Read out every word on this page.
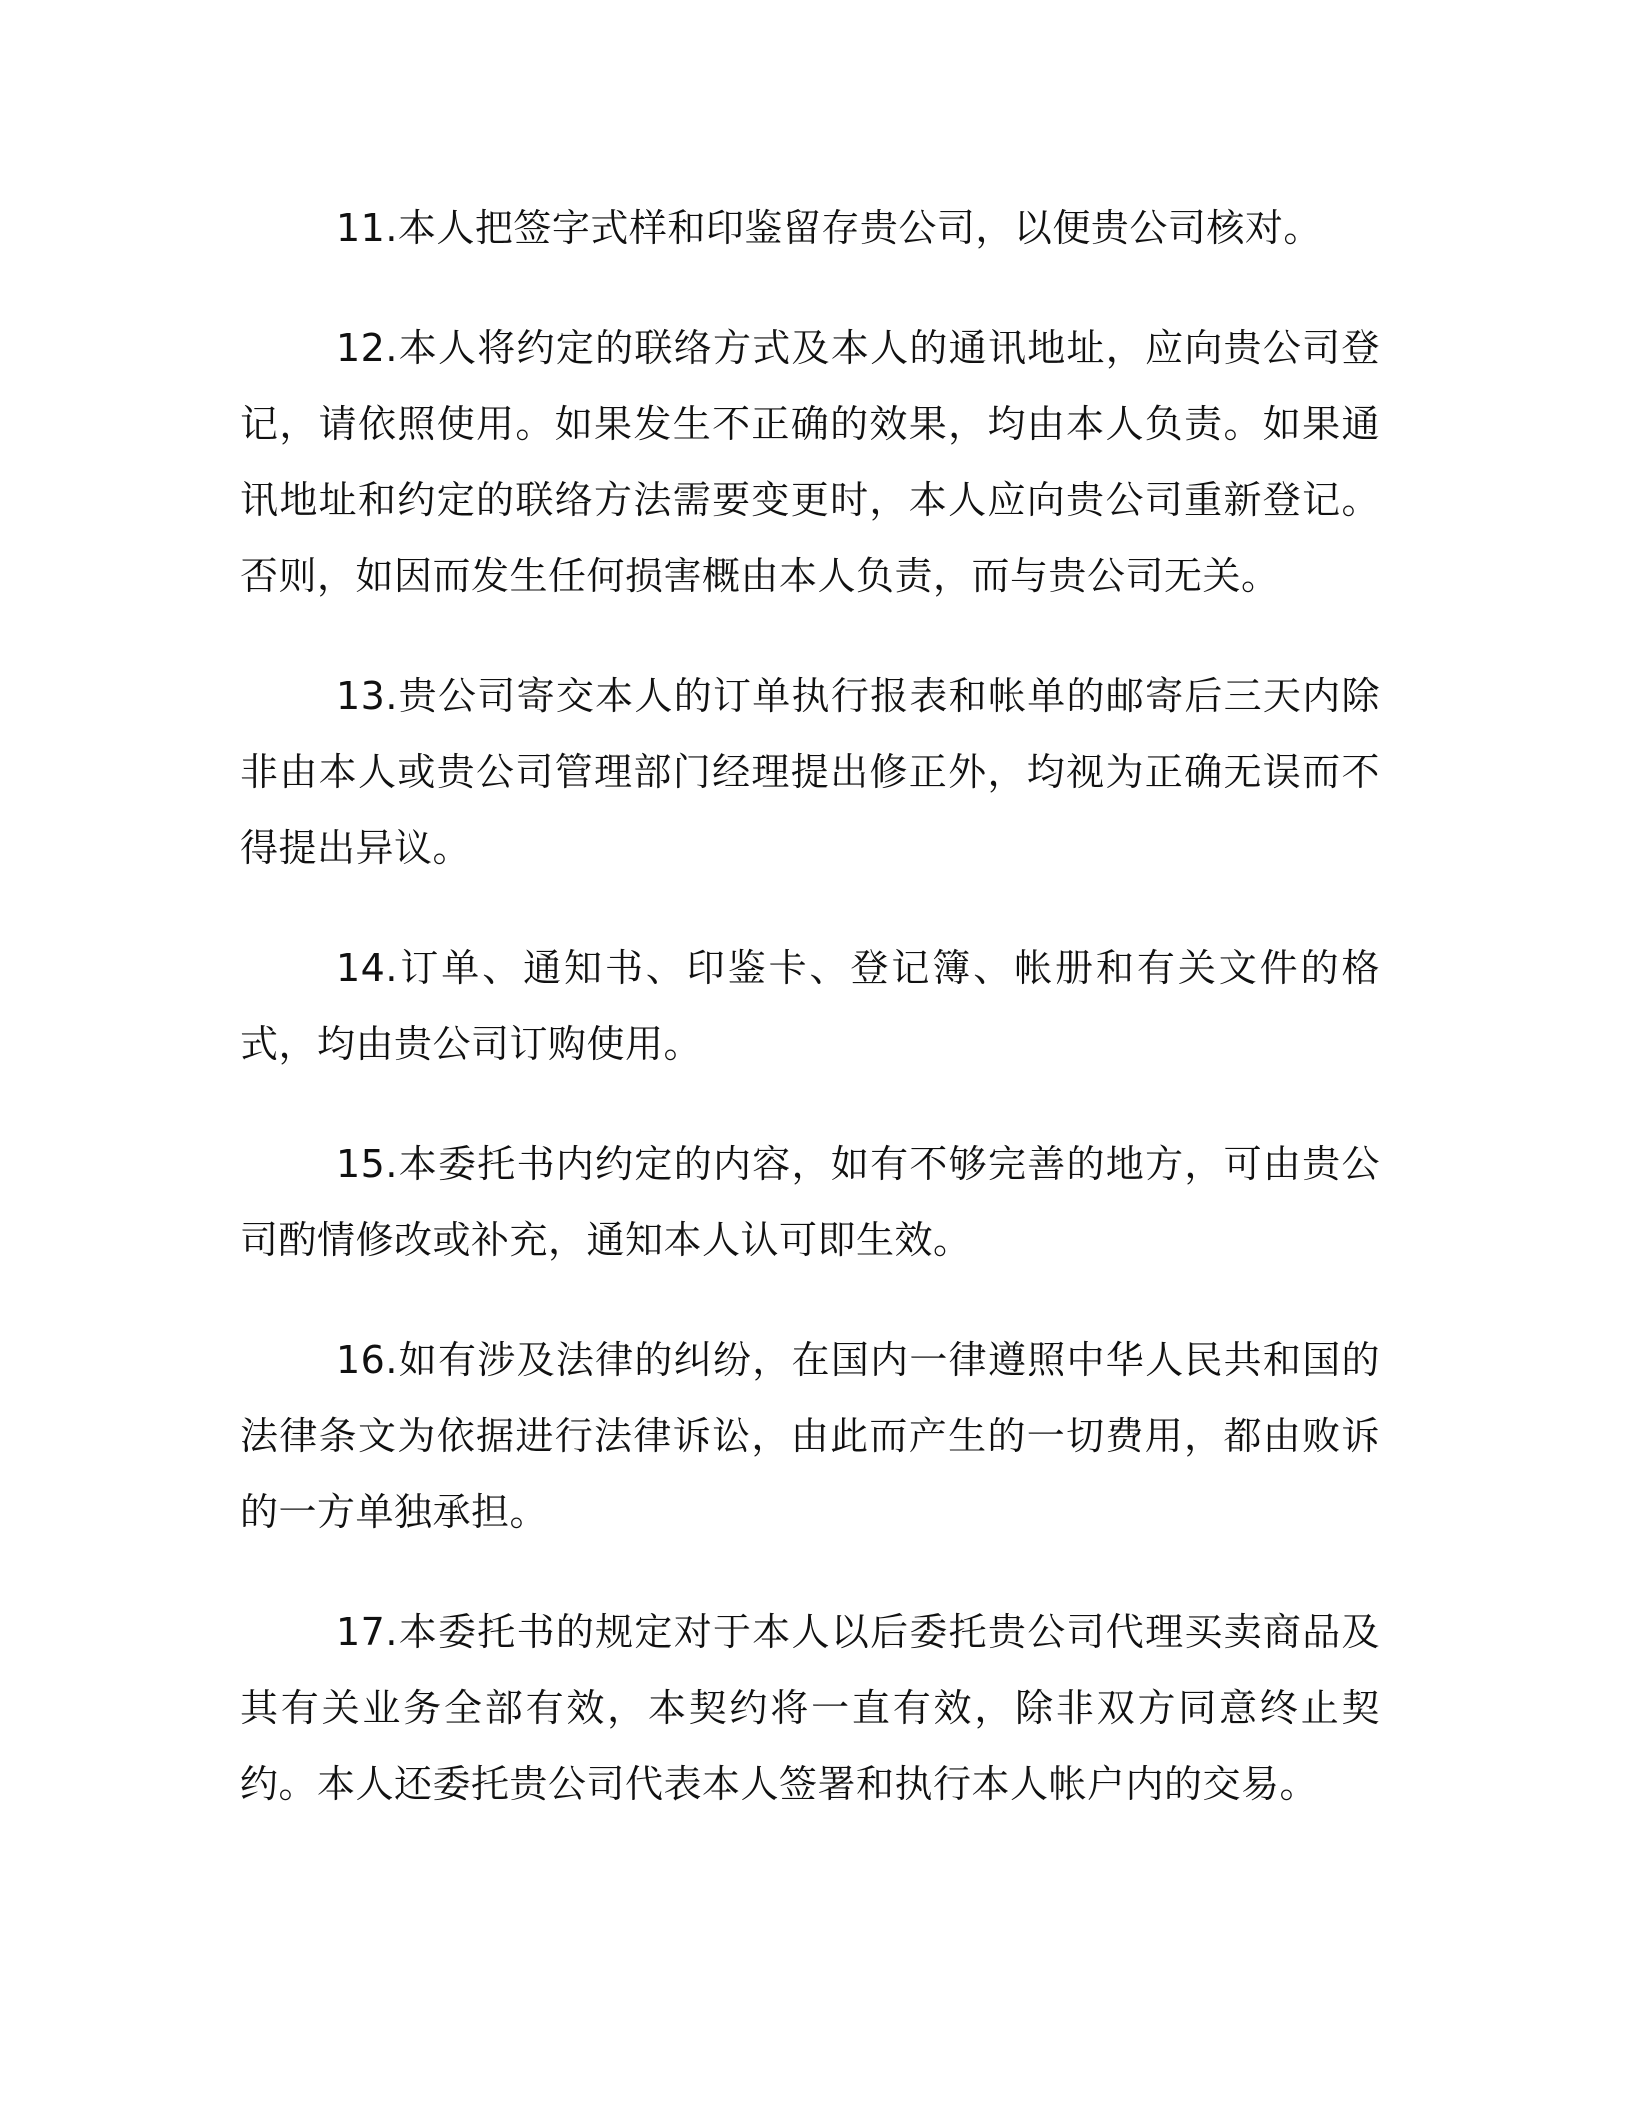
11.本人把签字式样和印鉴留存贵公司，以便贵公司核对。

12.本人将约定的联络方式及本人的通讯地址，应向贵公司登记，请依照使用。如果发生不正确的效果，均由本人负责。如果通讯地址和约定的联络方法需要变更时，本人应向贵公司重新登记。否则，如因而发生任何损害概由本人负责，而与贵公司无关。

13.贵公司寄交本人的订单执行报表和帐单的邮寄后三天内除非由本人或贵公司管理部门经理提出修正外，均视为正确无误而不得提出异议。

14.订单、通知书、印鉴卡、登记簿、帐册和有关文件的格式，均由贵公司订购使用。

15.本委托书内约定的内容，如有不够完善的地方，可由贵公司酌情修改或补充，通知本人认可即生效。

16.如有涉及法律的纠纷，在国内一律遵照中华人民共和国的法律条文为依据进行法律诉讼，由此而产生的一切费用，都由败诉的一方单独承担。

17.本委托书的规定对于本人以后委托贵公司代理买卖商品及其有关业务全部有效，本契约将一直有效，除非双方同意终止契约。本人还委托贵公司代表本人签署和执行本人帐户内的交易。
